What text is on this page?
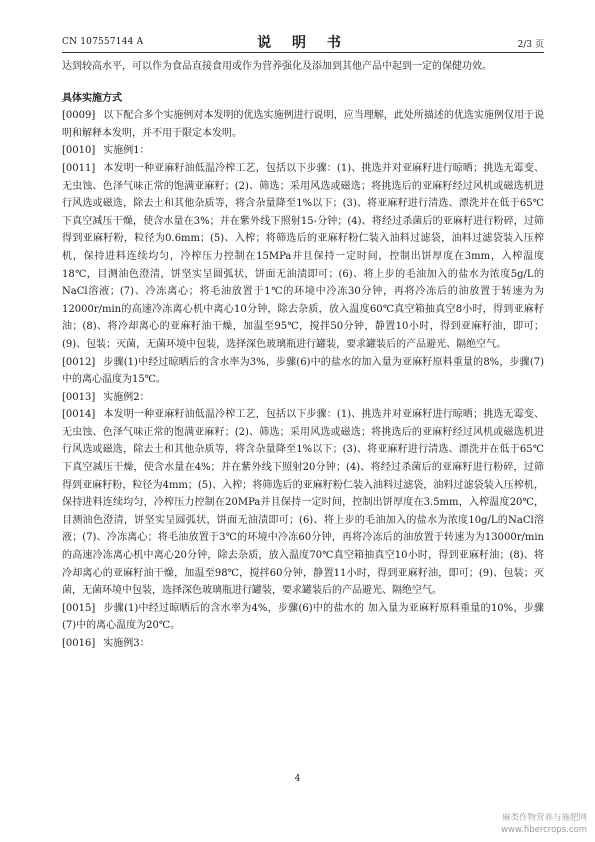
CN 107557144 A	说 明 书	2/3 页

达到较高水平，可以作为食品直接食用或作为营养强化及添加到其他产品中起到一定的保健功效。

具体实施方式

[0009] 以下配合多个实施例对本发明的优选实施例进行说明，应当理解，此处所描述的优选实施例仅用于说明和解释本发明，并不用于限定本发明。

[0010] 实施例1：

[0011] 本发明一种亚麻籽油低温冷榨工艺，包括以下步骤：(1)、挑选并对亚麻籽进行晾晒；挑选无霉变、无虫蚀、色泽气味正常的饱满亚麻籽；(2)、筛选；采用风选或磁选；将挑选后的亚麻籽经过风机或磁选机进行风选或磁选，除去土和其他杂质等，将含杂量降至1%以下；(3)、将亚麻籽进行清选、漂洗并在低于65℃下真空减压干燥，使含水量在3%；并在紫外线下照射15-分钟；(4)、将经过杀菌后的亚麻籽进行粉碎，过筛得到亚麻籽粉，粒径为0.6mm；(5)、入榨；将筛选后的亚麻籽粉仁装入油料过滤袋，油料过滤袋装入压榨机，保持进料连续均匀，冷榨压力控制在15MPa并且保持一定时间，控制出饼厚度在3mm，入榨温度18℃，目测油色澄清，饼坚实呈圆弧状，饼面无油渍即可；(6)、将上步的毛油加入的盐水为浓度5g/L的NaCl溶液；(7)、冷冻离心；将毛油放置于1℃的环境中冷冻30分钟，再将冷冻后的油放置于转速为为12000r/min的高速冷冻离心机中离心10分钟，除去杂质，放入温度60℃真空箱抽真空8小时，得到亚麻籽油；(8)、将冷却离心的亚麻籽油干燥，加温至95℃，搅拌50分钟，静置10小时，得到亚麻籽油，即可；(9)、包装；灭菌，无菌环境中包装，选择深色玻璃瓶进行罐装，要求罐装后的产品避光、隔绝空气。

[0012] 步骤(1)中经过晾晒后的含水率为3%，步骤(6)中的盐水的加入量为亚麻籽原料重量的8%，步骤(7)中的离心温度为15℃。

[0013] 实施例2：

[0014] 本发明一种亚麻籽油低温冷榨工艺，包括以下步骤：(1)、挑选并对亚麻籽进行晾晒；挑选无霉变、无虫蚀、色泽气味正常的饱满亚麻籽；(2)、筛选；采用风选或磁选；将挑选后的亚麻籽经过风机或磁选机进行风选或磁选，除去土和其他杂质等，将含杂量降至1%以下；(3)、将亚麻籽进行清选、漂洗并在低于65℃下真空减压干燥，使含水量在4%；并在紫外线下照射20分钟；(4)、将经过杀菌后的亚麻籽进行粉碎，过筛得到亚麻籽粉，粒径为4mm；(5)、入榨；将筛选后的亚麻籽粉仁装入油料过滤袋，油料过滤袋装入压榨机，保持进料连续均匀，冷榨压力控制在20MPa并且保持一定时间，控制出饼厚度在3.5mm，入榨温度20℃，目测油色澄清，饼坚实呈圆弧状，饼面无油渍即可；(6)、将上步的毛油加入的盐水为浓度10g/L的NaCl溶液；(7)、冷冻离心；将毛油放置于3℃的环境中冷冻60分钟，再将冷冻后的油放置于转速为为13000r/min的高速冷冻离心机中离心20分钟，除去杂质，放入温度70℃真空箱抽真空10小时，得到亚麻籽油；(8)、将冷却离心的亚麻籽油干燥，加温至98℃，搅拌60分钟，静置11小时，得到亚麻籽油，即可；(9)、包装；灭菌，无菌环境中包装，选择深色玻璃瓶进行罐装，要求罐装后的产品避光、隔绝空气。

[0015] 步骤(1)中经过晾晒后的含水率为4%，步骤(6)中的盐水的 加入量为亚麻籽原料重量的10%，步骤(7)中的离心温度为20℃。

[0016] 实施例3：

4
麻类作物营养与施肥网
www.fibercrops.com
